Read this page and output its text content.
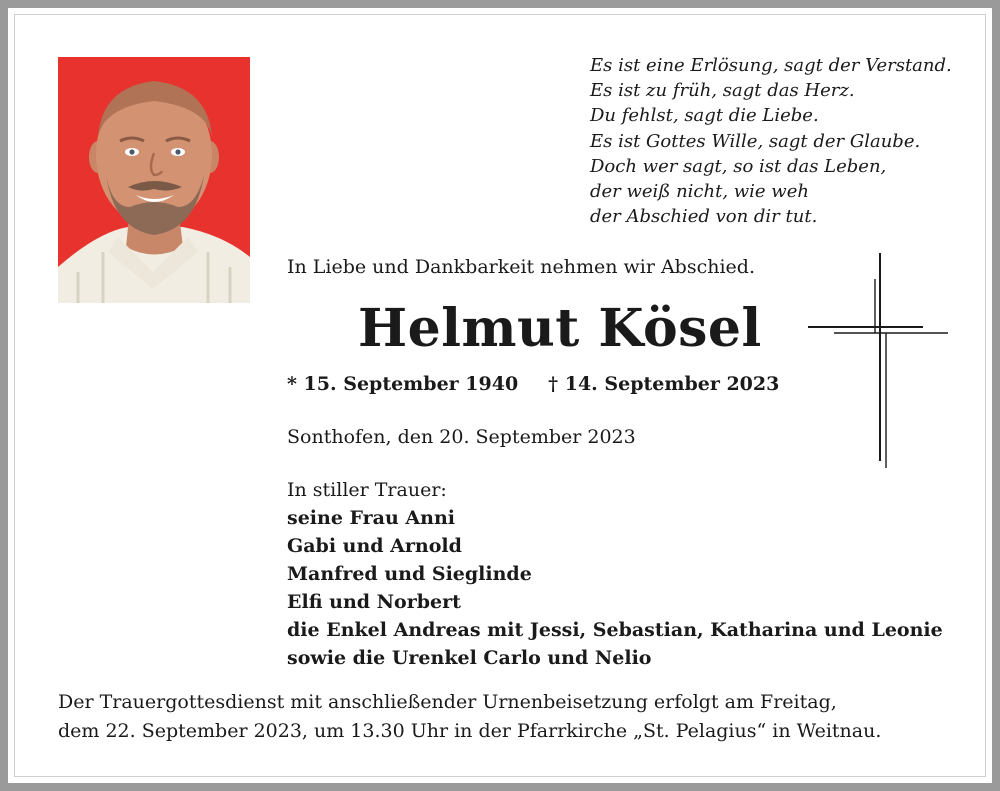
Es ist eine Erlösung, sagt der Verstand.
Es ist zu früh, sagt das Herz.
Du fehlst, sagt die Liebe.
Es ist Gottes Wille, sagt der Glaube.
Doch wer sagt, so ist das Leben,
der weiß nicht, wie weh
der Abschied von dir tut.
In Liebe und Dankbarkeit nehmen wir Abschied.
Helmut Kösel
* 15. September 1940 † 14. September 2023
Sonthofen, den 20. September 2023
In stiller Trauer:
seine Frau Anni
Gabi und Arnold
Manfred und Sieglinde
Elfi und Norbert
die Enkel Andreas mit Jessi, Sebastian, Katharina und Leonie
sowie die Urenkel Carlo und Nelio
Der Trauergottesdienst mit anschließender Urnenbeisetzung erfolgt am Freitag,
dem 22. September 2023, um 13.30 Uhr in der Pfarrkirche „St. Pelagius“ in Weitnau.
